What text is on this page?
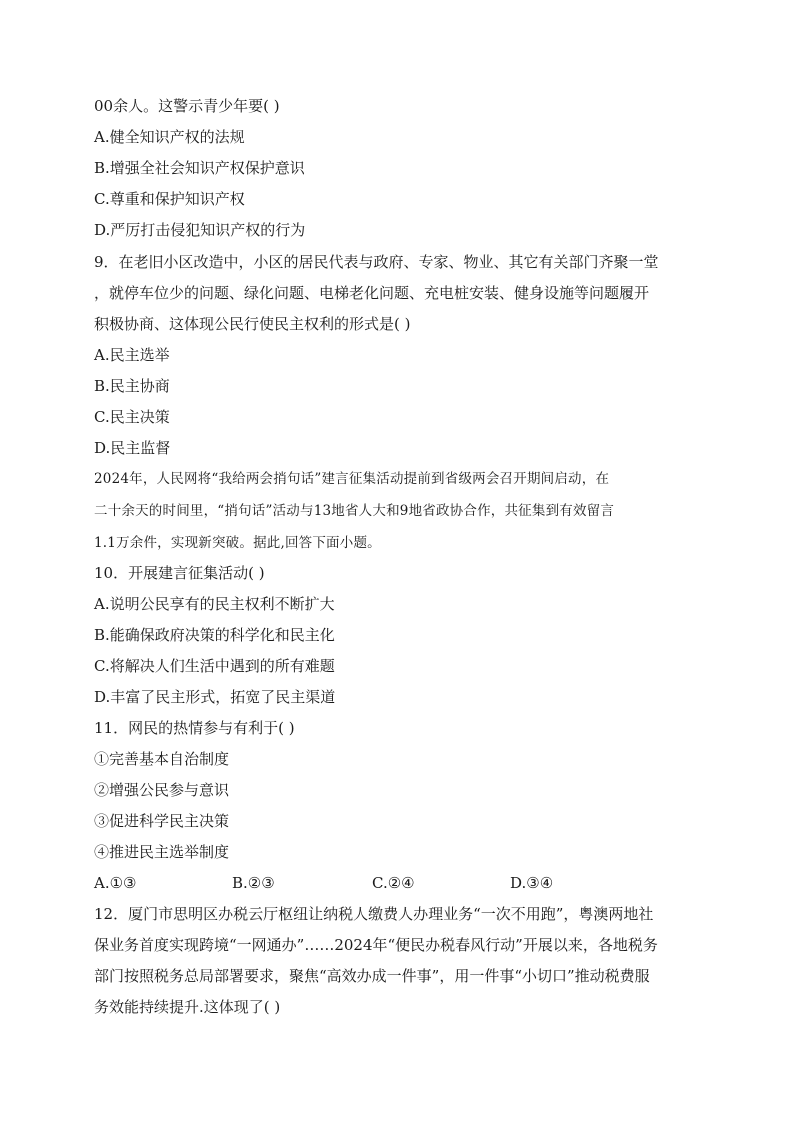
00余人。这警示青少年要( )
A.健全知识产权的法规
B.增强全社会知识产权保护意识
C.尊重和保护知识产权
D.严厉打击侵犯知识产权的行为
9．在老旧小区改造中，小区的居民代表与政府、专家、物业、其它有关部门齐聚一堂
，就停车位少的问题、绿化问题、电梯老化问题、充电桩安装、健身设施等问题履开
积极协商、这体现公民行使民主权利的形式是( )
A.民主选举
B.民主协商
C.民主决策
D.民主监督
2024年，人民网将“我给两会捎句话”建言征集活动提前到省级两会召开期间启动，在
二十余天的时间里，“捎句话”活动与13地省人大和9地省政协合作，共征集到有效留言
1.1万余件，实现新突破。据此,回答下面小题。
10．开展建言征集活动( )
A.说明公民享有的民主权利不断扩大
B.能确保政府决策的科学化和民主化
C.将解决人们生活中遇到的所有难题
D.丰富了民主形式，拓宽了民主渠道
11．网民的热情参与有利于( )
①完善基本自治制度
②增强公民参与意识
③促进科学民主决策
④推进民主选举制度
A.①③	B.②③	C.②④	D.③④
12．厦门市思明区办税云厅枢纽让纳税人缴费人办理业务“一次不用跑”，粤澳两地社
保业务首度实现跨境“一网通办”……2024年“便民办税春风行动”开展以来，各地税务
部门按照税务总局部署要求，聚焦“高效办成一件事”，用一件事“小切口”推动税费服
务效能持续提升.这体现了( )
